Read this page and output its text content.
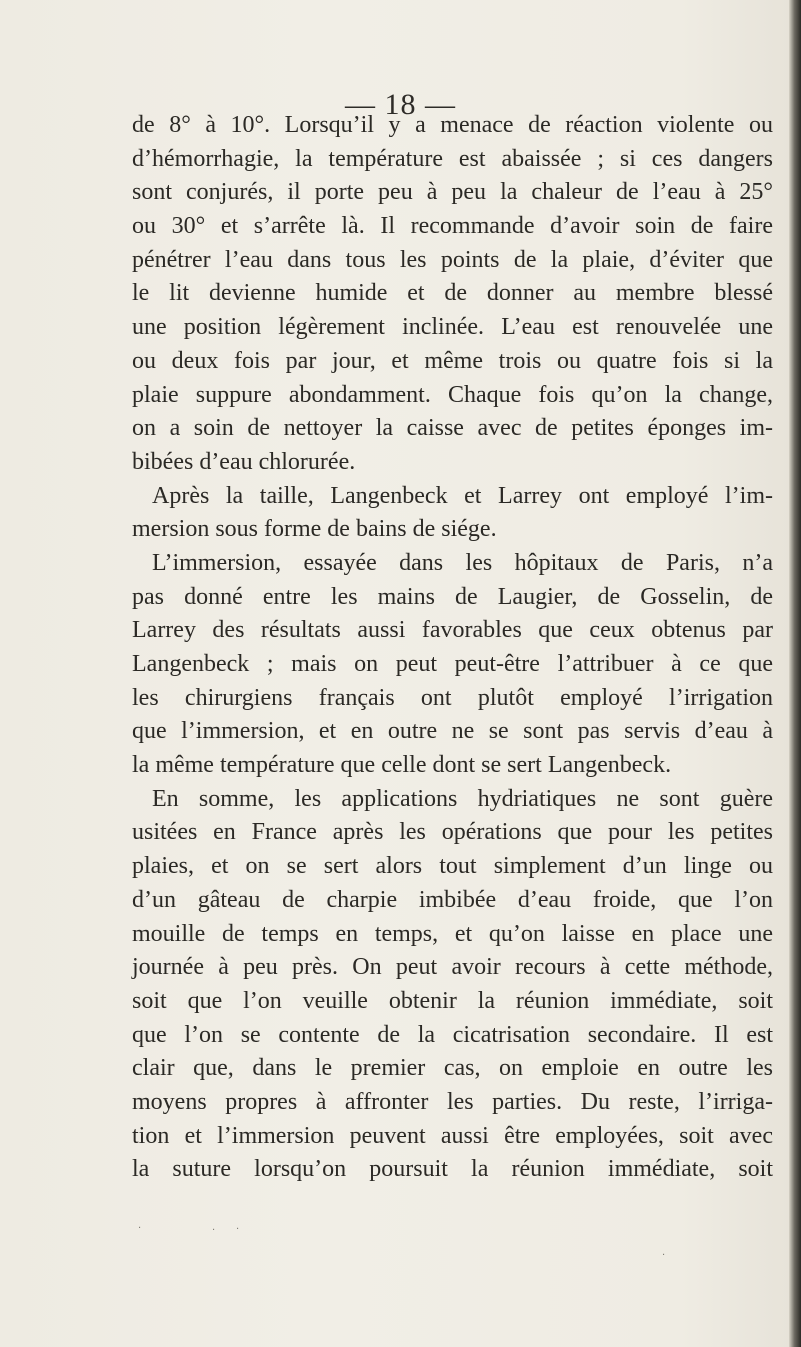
— 18 —
de 8° à 10°. Lorsqu’il y a menace de réaction violente ou
d’hémorrhagie, la température est abaissée ; si ces dangers
sont conjurés, il porte peu à peu la chaleur de l’eau à 25°
ou 30° et s’arrête là. Il recommande d’avoir soin de faire
pénétrer l’eau dans tous les points de la plaie, d’éviter que
le lit devienne humide et de donner au membre blessé
une position légèrement inclinée. L’eau est renouvelée une
ou deux fois par jour, et même trois ou quatre fois si la
plaie suppure abondamment. Chaque fois qu’on la change,
on a soin de nettoyer la caisse avec de petites éponges im-
bibées d’eau chlorurée.
Après la taille, Langenbeck et Larrey ont employé l’im-
mersion sous forme de bains de siége.
L’immersion, essayée dans les hôpitaux de Paris, n’a
pas donné entre les mains de Laugier, de Gosselin, de
Larrey des résultats aussi favorables que ceux obtenus par
Langenbeck ; mais on peut peut-être l’attribuer à ce que
les chirurgiens français ont plutôt employé l’irrigation
que l’immersion, et en outre ne se sont pas servis d’eau à
la même température que celle dont se sert Langenbeck.
En somme, les applications hydriatiques ne sont guère
usitées en France après les opérations que pour les petites
plaies, et on se sert alors tout simplement d’un linge ou
d’un gâteau de charpie imbibée d’eau froide, que l’on
mouille de temps en temps, et qu’on laisse en place une
journée à peu près. On peut avoir recours à cette méthode,
soit que l’on veuille obtenir la réunion immédiate, soit
que l’on se contente de la cicatrisation secondaire. Il est
clair que, dans le premier cas, on emploie en outre les
moyens propres à affronter les parties. Du reste, l’irriga-
tion et l’immersion peuvent aussi être employées, soit avec
la suture lorsqu’on poursuit la réunion immédiate, soit
·	· ·
·
